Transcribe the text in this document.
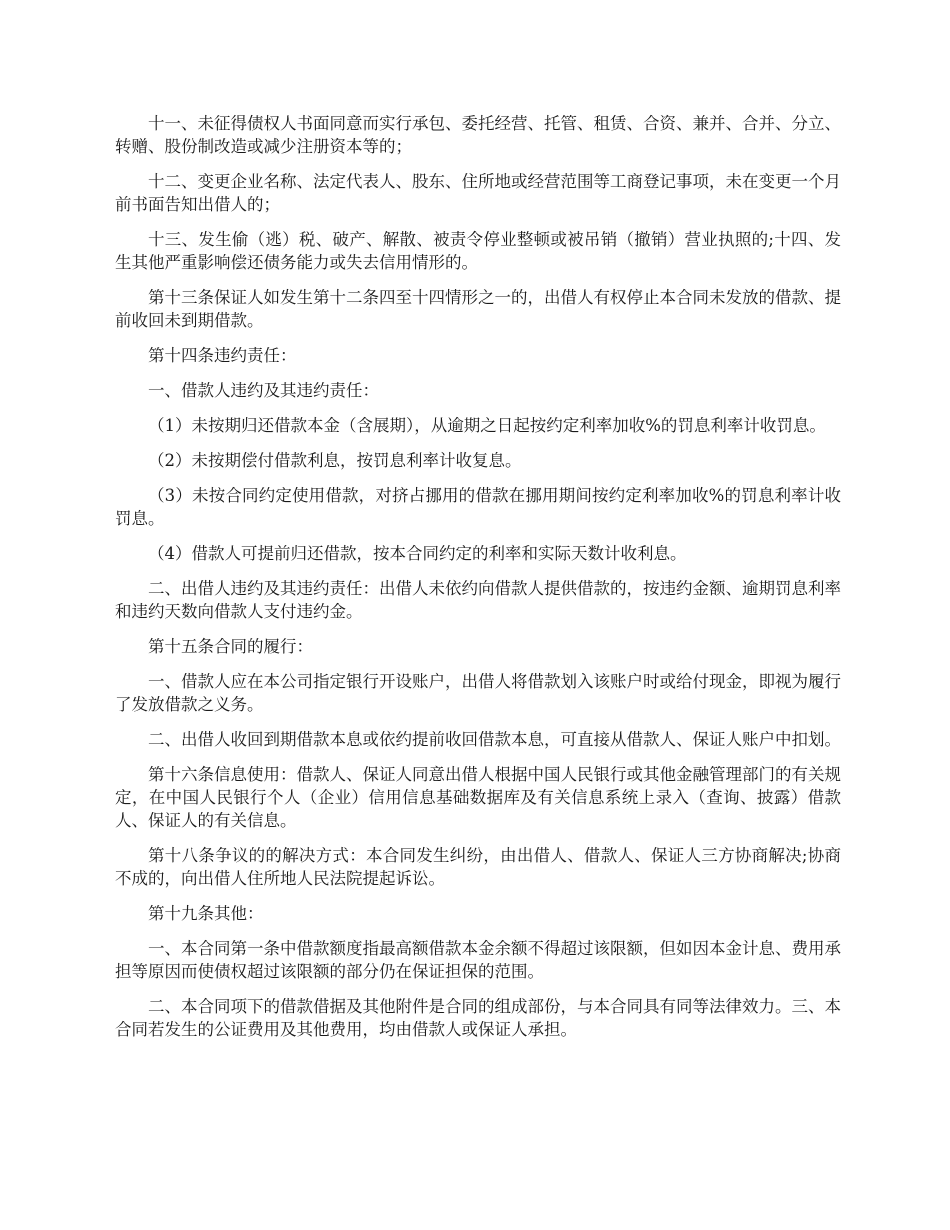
十一、未征得债权人书面同意而实行承包、委托经营、托管、租赁、合资、兼并、合并、分立、转赠、股份制改造或减少注册资本等的；

十二、变更企业名称、法定代表人、股东、住所地或经营范围等工商登记事项，未在变更一个月前书面告知出借人的；

十三、发生偷（逃）税、破产、解散、被责令停业整顿或被吊销（撤销）营业执照的;十四、发生其他严重影响偿还债务能力或失去信用情形的。

第十三条保证人如发生第十二条四至十四情形之一的，出借人有权停止本合同未发放的借款、提前收回未到期借款。

第十四条违约责任：

一、借款人违约及其违约责任：

（1）未按期归还借款本金（含展期），从逾期之日起按约定利率加收%的罚息利率计收罚息。

（2）未按期偿付借款利息，按罚息利率计收复息。

（3）未按合同约定使用借款，对挤占挪用的借款在挪用期间按约定利率加收%的罚息利率计收罚息。

（4）借款人可提前归还借款，按本合同约定的利率和实际天数计收利息。

二、出借人违约及其违约责任：出借人未依约向借款人提供借款的，按违约金额、逾期罚息利率和违约天数向借款人支付违约金。

第十五条合同的履行：

一、借款人应在本公司指定银行开设账户，出借人将借款划入该账户时或给付现金，即视为履行了发放借款之义务。

二、出借人收回到期借款本息或依约提前收回借款本息，可直接从借款人、保证人账户中扣划。

第十六条信息使用：借款人、保证人同意出借人根据中国人民银行或其他金融管理部门的有关规定，在中国人民银行个人（企业）信用信息基础数据库及有关信息系统上录入（查询、披露）借款人、保证人的有关信息。

第十八条争议的的解决方式：本合同发生纠纷，由出借人、借款人、保证人三方协商解决;协商不成的，向出借人住所地人民法院提起诉讼。

第十九条其他：

一、本合同第一条中借款额度指最高额借款本金余额不得超过该限额，但如因本金计息、费用承担等原因而使债权超过该限额的部分仍在保证担保的范围。

二、本合同项下的借款借据及其他附件是合同的组成部份，与本合同具有同等法律效力。三、本合同若发生的公证费用及其他费用，均由借款人或保证人承担。
